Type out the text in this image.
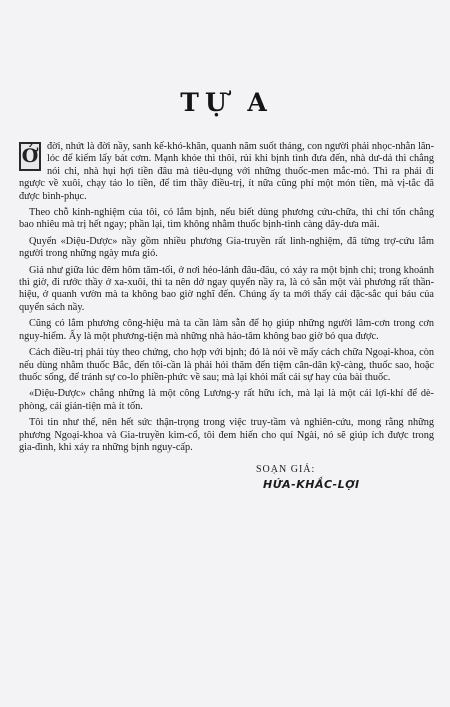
TỰ A

Ở đời, nhứt là đời nầy, sanh kế-khó-khăn, quanh năm suốt tháng, con người phải nhọc-nhằn lăn-lóc để kiếm lấy bát cơm. Mạnh khỏe thì thôi, rủi khi bịnh tình đưa đến, nhà dư-dả thì chẳng nói chi, nhà hụi hợi tiền đâu mà tiêu-dụng với những thuốc-men mắc-mỏ. Thì ra phải đi ngược về xuôi, chạy tảo lo tiền, để tìm thầy điều-trị, ít nữa cũng phí một món tiền, mà vị-tắc đã được bình-phục.

Theo chỗ kinh-nghiệm của tôi, có lắm bịnh, nếu biết dùng phương cứu-chữa, thì chỉ tốn chẳng bao nhiêu mà trị hết ngay; phần lại, tìm không nhằm thuốc bịnh-tình càng dây-dưa mãi.

Quyển «Diệu-Dược» nầy gồm nhiều phương Gia-truyền rất linh-nghiệm, đã từng trợ-cứu lắm người trong những ngày mưa gió.

Giả như giữa lúc đêm hôm tăm-tối, ở nơi hẻo-lánh đâu-đâu, có xảy ra một bịnh chi; trong khoảnh thì giờ, đi rước thầy ở xa-xuôi, thì ta nên dở ngay quyển nầy ra, là có sẵn một vài phương rất thần-hiệu, ở quanh vườn mà ta không bao giờ nghĩ đến. Chúng ấy ta mới thấy cái đặc-sắc qui báu của quyển sách nầy.

Cũng có lắm phương công-hiệu mà ta cần làm sẵn để họ giúp những người lâm-cơn trong cơn nguy-hiểm. Ấy là một phương-tiện mà những nhà hảo-tâm không bao giờ bỏ qua được.

Cách điều-trị phải tùy theo chứng, cho hợp với bịnh; đó là nói về mấy cách chữa Ngoại-khoa, còn nếu dùng nhằm thuốc Bắc, đến tôi-cần là phải hỏi thăm đến tiệm cân-dân kỹ-càng, thuốc sao, hoặc thuốc sống, để tránh sự co-lo phiền-phức về sau; mà lại khỏi mất cái sự hay của bài thuốc.

«Diệu-Dược» chẳng những là một công Lương-y rất hữu ích, mà lại là một cái lợi-khí để dè-phòng, cái giản-tiện mà ít tốn.

Tôi tin như thế, nên hết sức thận-trọng trong việc truy-tầm và nghiên-cứu, mong rằng những phương Ngoại-khoa và Gia-truyền kim-cổ, tôi đem hiến cho quí Ngài, nó sẽ giúp ích được trong gia-đình, khi xảy ra những bịnh nguy-cấp.

SOẠN GIẢ:
HỨA-KHẮC-LỢI
